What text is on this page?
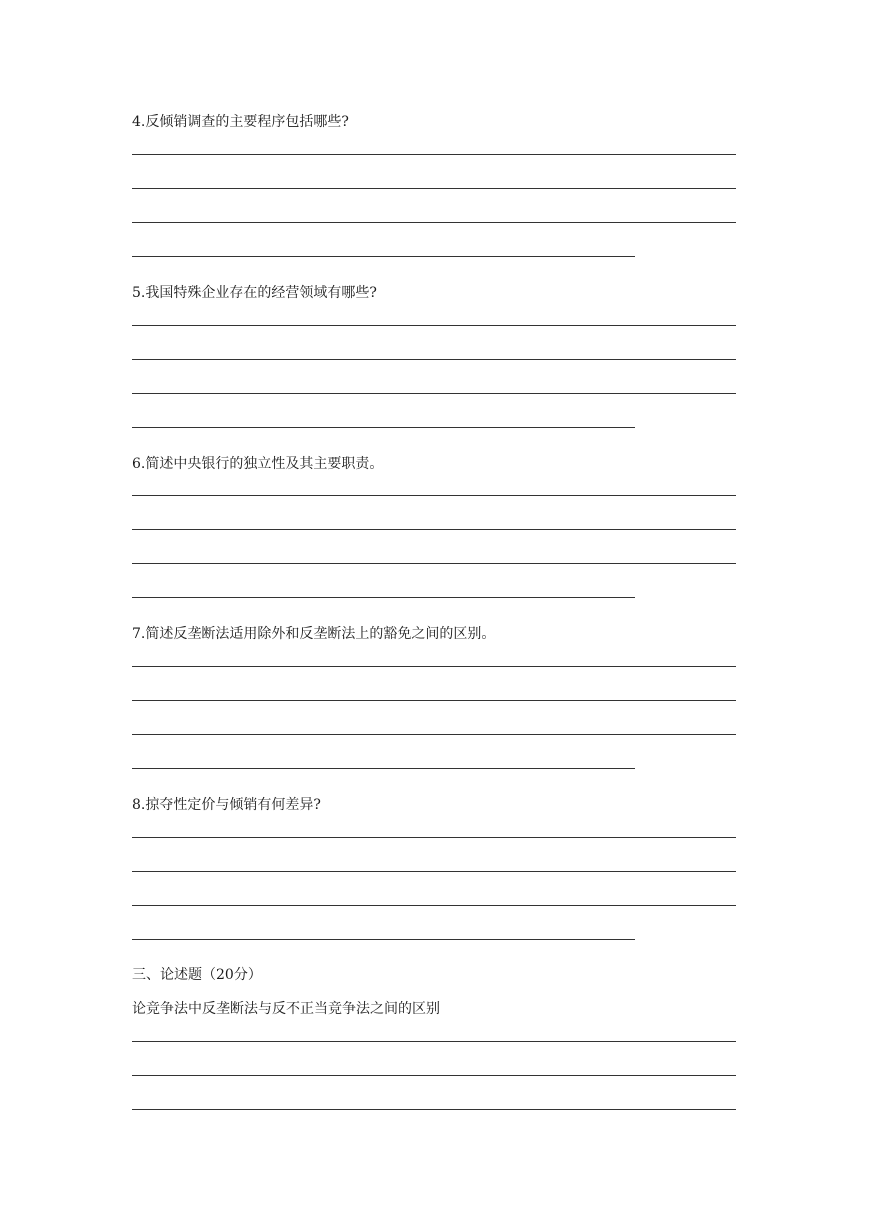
4.反倾销调查的主要程序包括哪些?
5.我国特殊企业存在的经营领域有哪些?
6.简述中央银行的独立性及其主要职责。
7.简述反垄断法适用除外和反垄断法上的豁免之间的区别。
8.掠夺性定价与倾销有何差异?
三、论述题（20分）
论竞争法中反垄断法与反不正当竞争法之间的区别
